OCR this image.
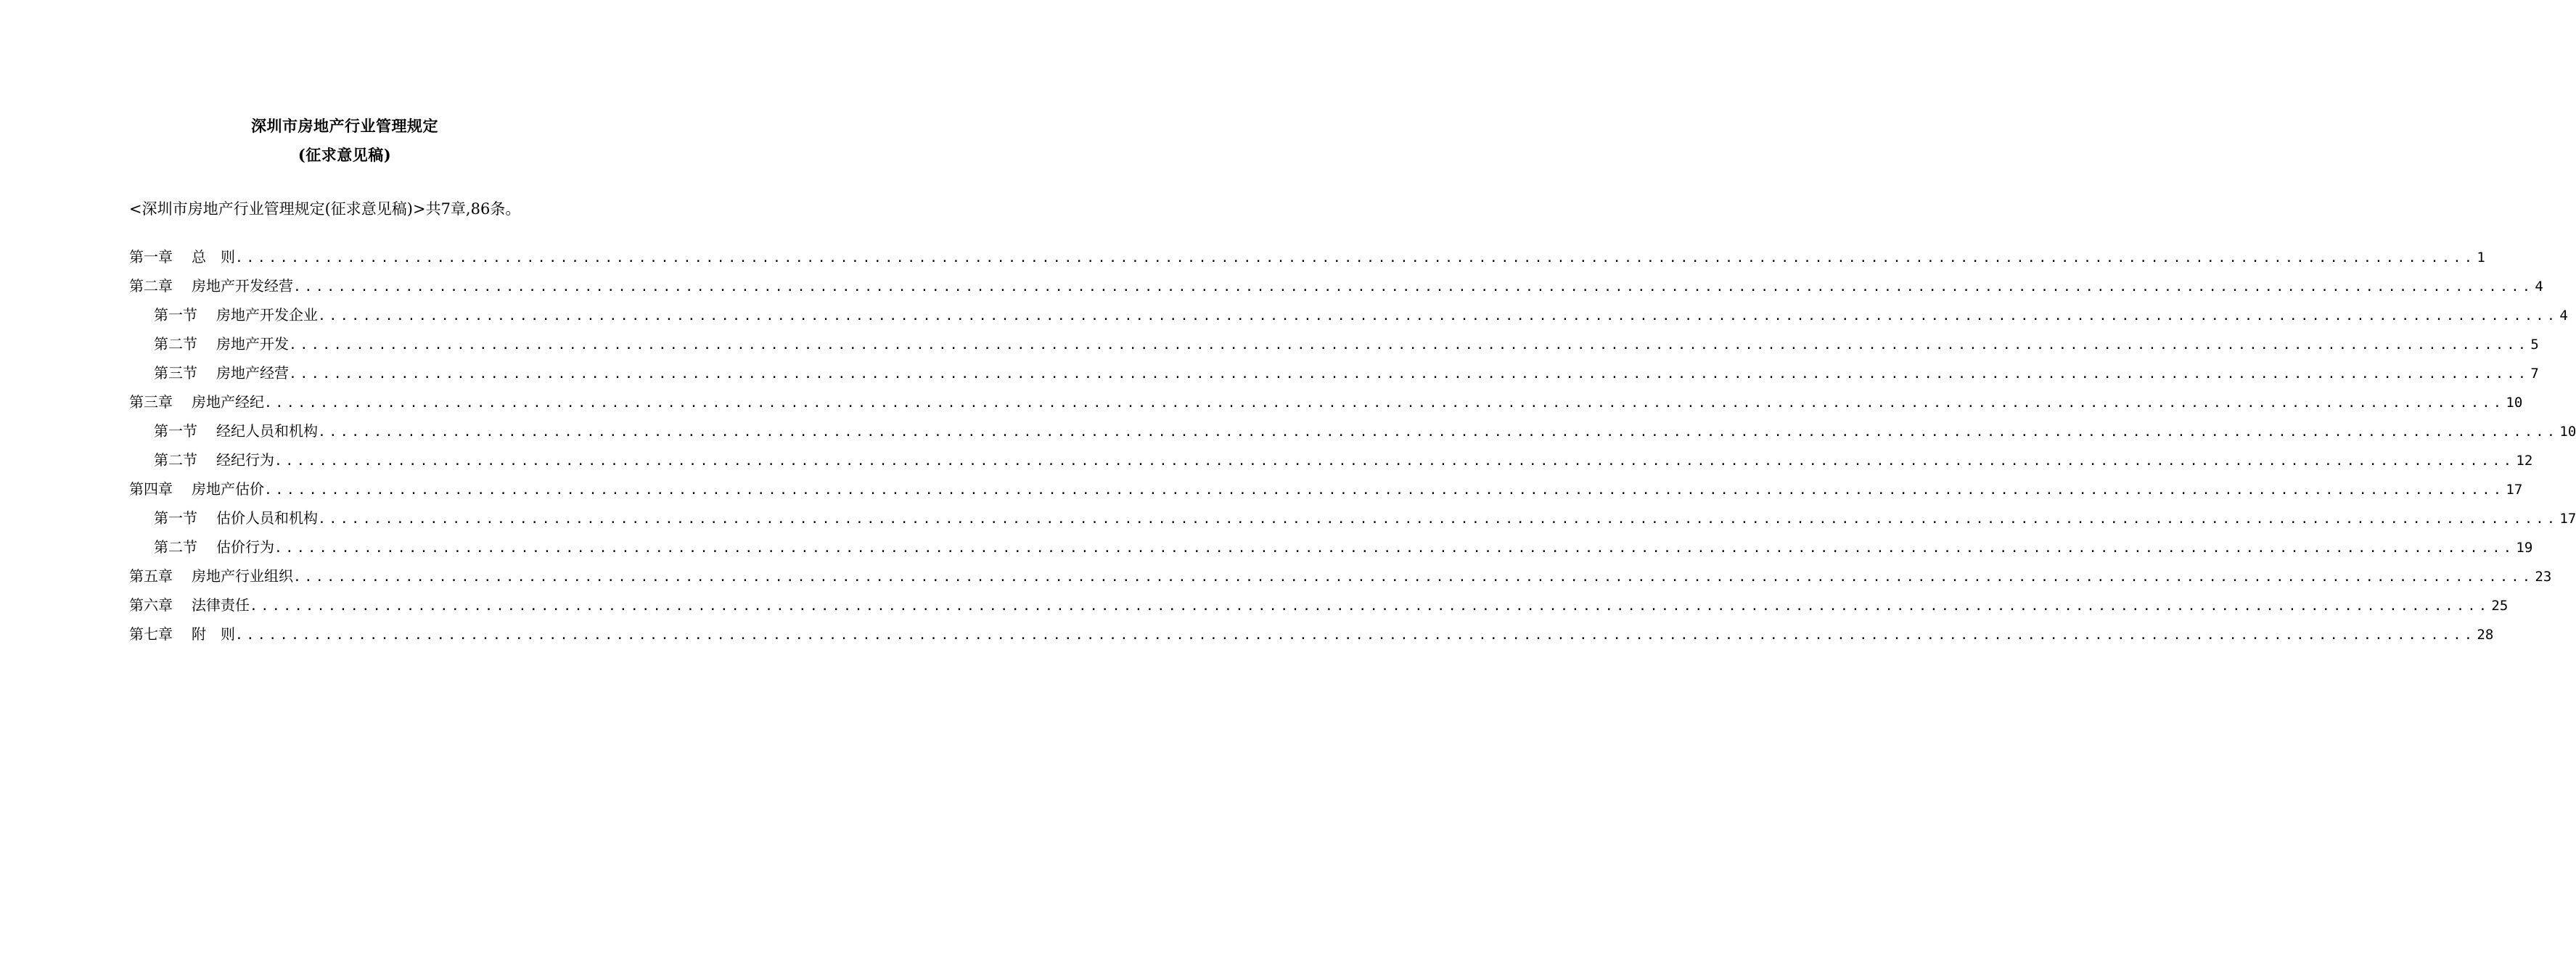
深圳市房地产行业管理规定
(征求意见稿)
<深圳市房地产行业管理规定(征求意见稿)>共7章,86条。
第一章 总　则 ........................................................................................................................................................................................................ 1
第二章 房地产开发经营 ........................................................................................................................................................................................................ 4
第一节 房地产开发企业 ........................................................................................................................................................................................................ 4
第二节 房地产开发 ........................................................................................................................................................................................................ 5
第三节 房地产经营 ........................................................................................................................................................................................................ 7
第三章 房地产经纪 ........................................................................................................................................................................................................ 10
第一节 经纪人员和机构 ........................................................................................................................................................................................................ 10
第二节 经纪行为 ........................................................................................................................................................................................................ 12
第四章 房地产估价 ........................................................................................................................................................................................................ 17
第一节 估价人员和机构 ........................................................................................................................................................................................................ 17
第二节 估价行为 ........................................................................................................................................................................................................ 19
第五章 房地产行业组织 ........................................................................................................................................................................................................ 23
第六章 法律责任 ........................................................................................................................................................................................................ 25
第七章 附　则 ........................................................................................................................................................................................................ 28
